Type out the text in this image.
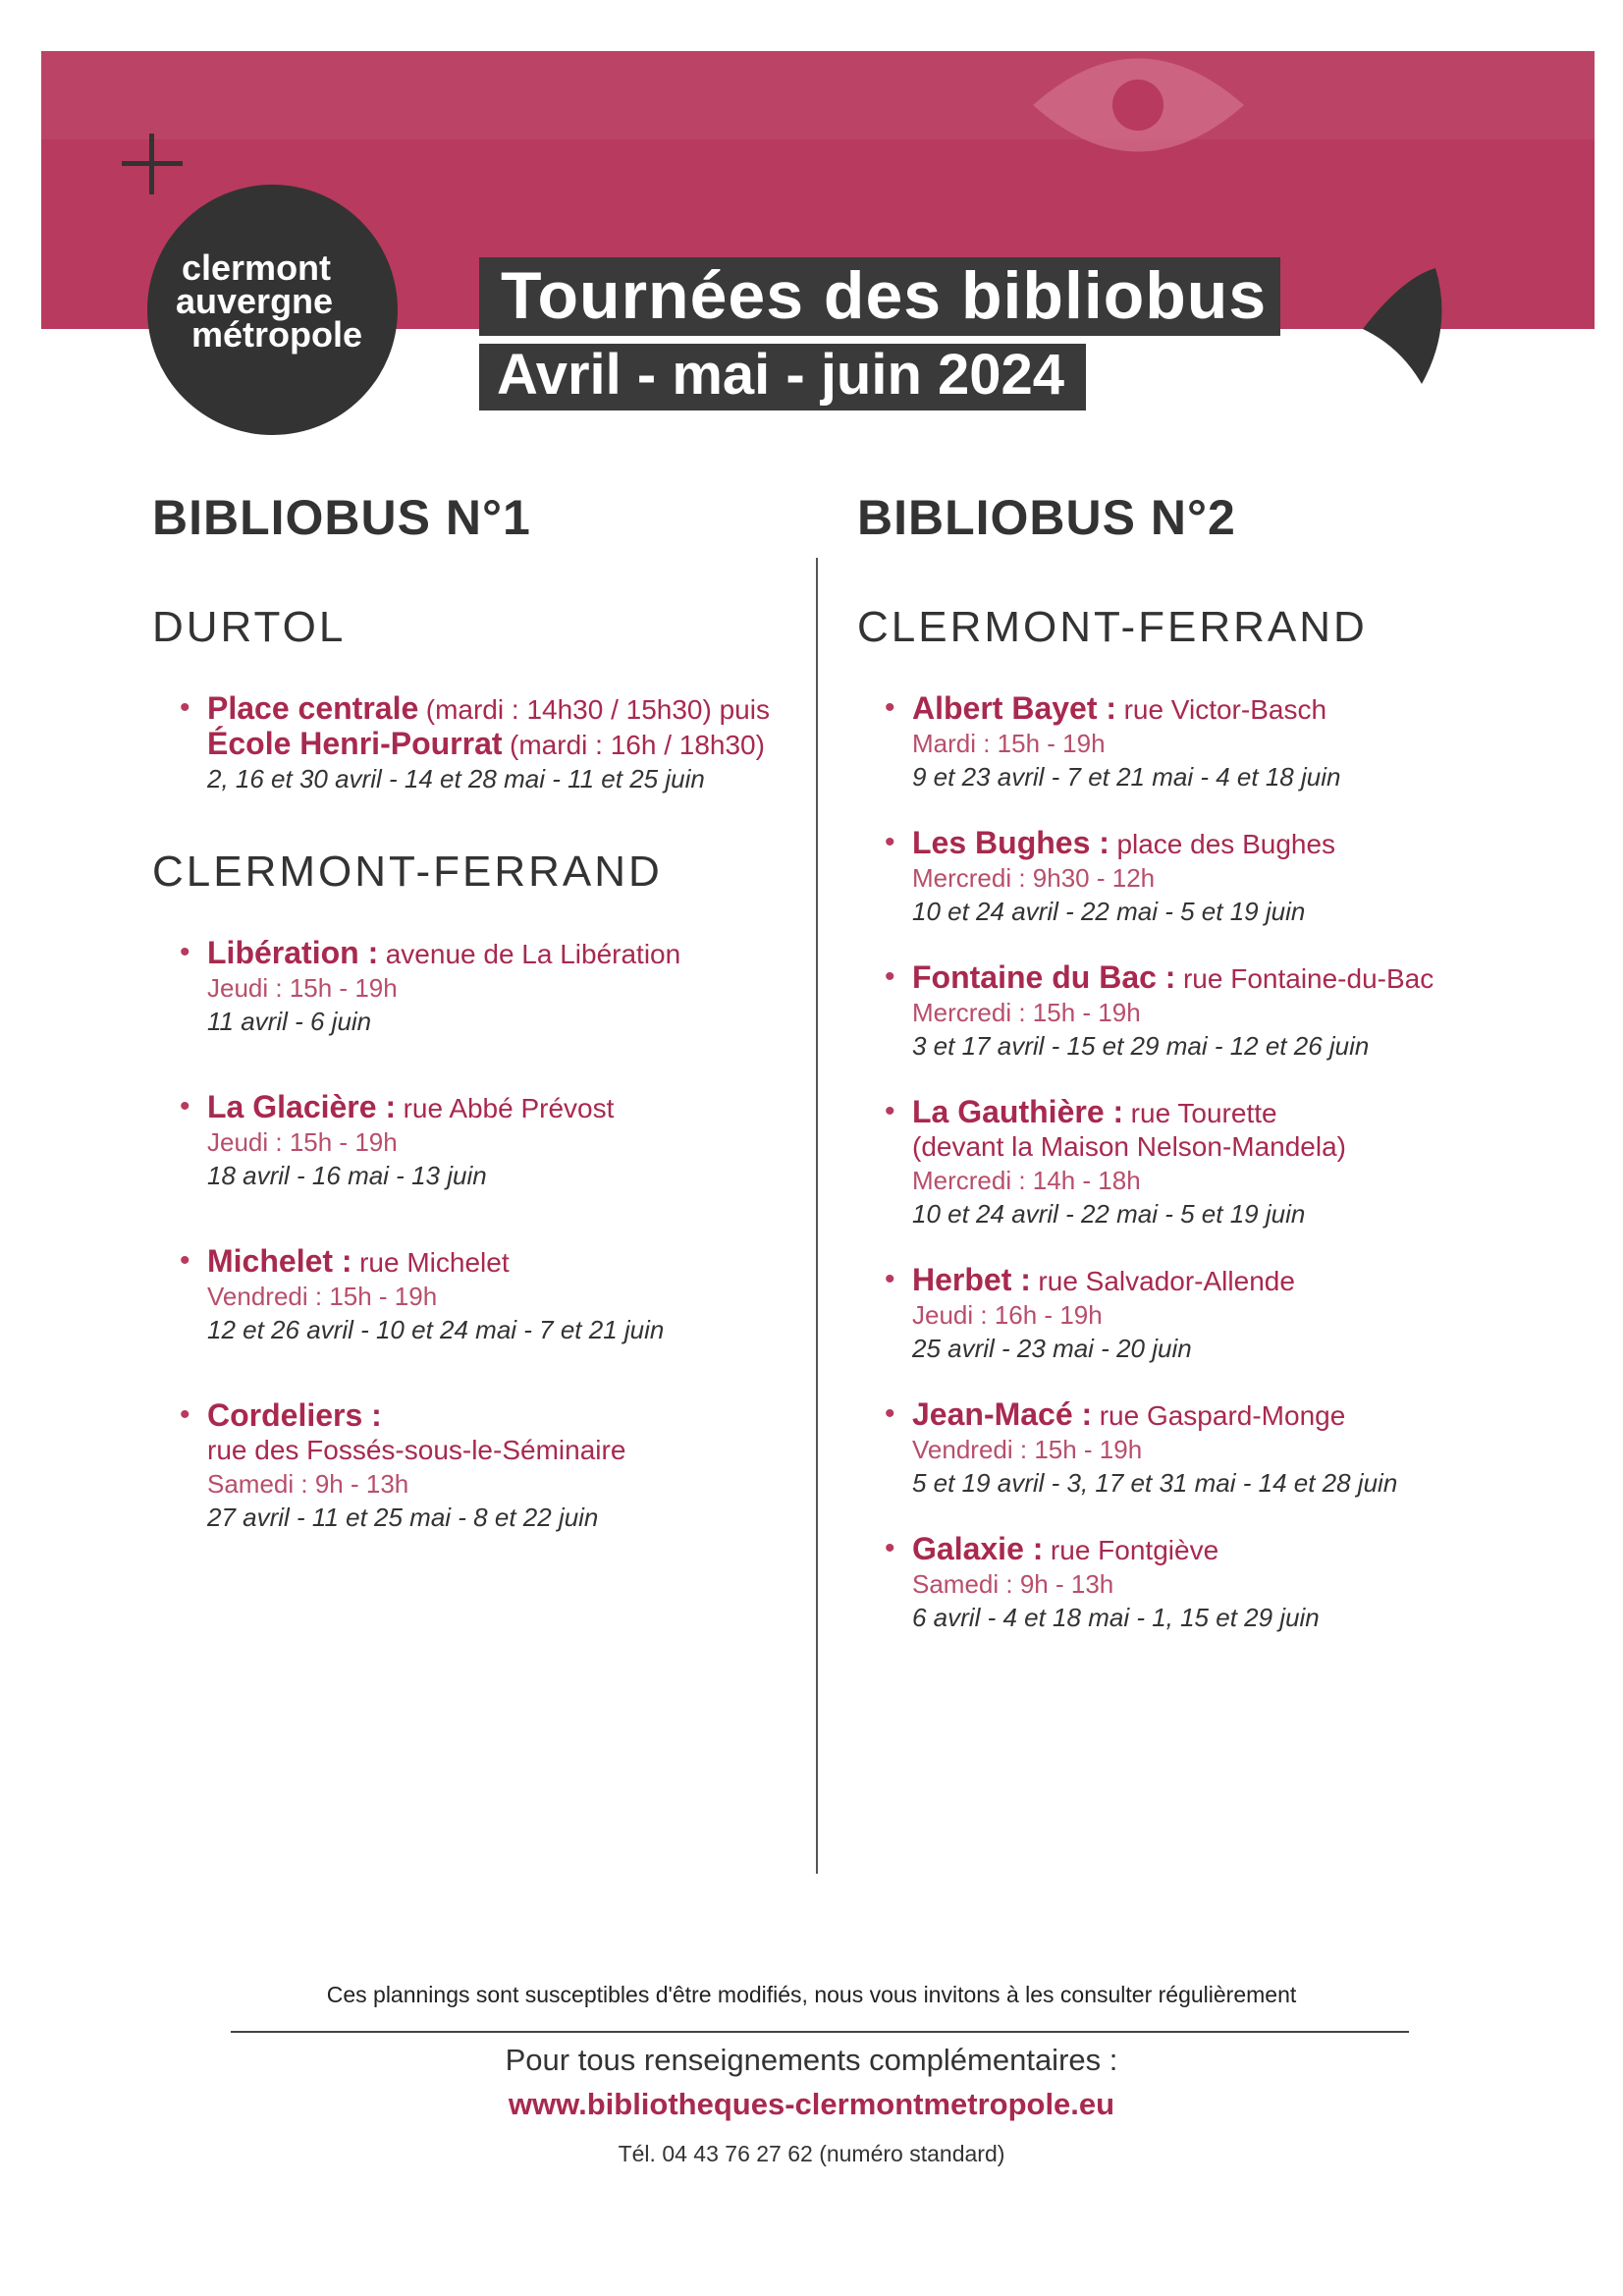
clermont
auvergne
métropole
Tournées des bibliobus
Avril - mai - juin 2024
BIBLIOBUS N°1
DURTOL
• Place centrale (mardi : 14h30 / 15h30) puis
École Henri-Pourrat (mardi : 16h / 18h30)
2, 16 et 30 avril - 14 et 28 mai - 11 et 25 juin
CLERMONT-FERRAND
• Libération : avenue de La Libération
Jeudi : 15h - 19h
11 avril - 6 juin
• La Glacière : rue Abbé Prévost
Jeudi : 15h - 19h
18 avril - 16 mai - 13 juin
• Michelet : rue Michelet
Vendredi : 15h - 19h
12 et 26 avril - 10 et 24 mai - 7 et 21 juin
• Cordeliers :
rue des Fossés-sous-le-Séminaire
Samedi : 9h - 13h
27 avril - 11 et 25 mai - 8 et 22 juin
BIBLIOBUS N°2
CLERMONT-FERRAND
• Albert Bayet : rue Victor-Basch
Mardi : 15h - 19h
9 et 23 avril - 7 et 21 mai - 4 et 18 juin
• Les Bughes : place des Bughes
Mercredi : 9h30 - 12h
10 et 24 avril - 22 mai - 5 et 19 juin
• Fontaine du Bac : rue Fontaine-du-Bac
Mercredi : 15h - 19h
3 et 17 avril - 15 et 29 mai - 12 et 26 juin
• La Gauthière : rue Tourette
(devant la Maison Nelson-Mandela)
Mercredi : 14h - 18h
10 et 24 avril - 22 mai - 5 et 19 juin
• Herbet : rue Salvador-Allende
Jeudi : 16h - 19h
25 avril - 23 mai - 20 juin
• Jean-Macé : rue Gaspard-Monge
Vendredi : 15h - 19h
5 et 19 avril - 3, 17 et 31 mai - 14 et 28 juin
• Galaxie : rue Fontgiève
Samedi : 9h - 13h
6 avril - 4 et 18 mai - 1, 15 et 29 juin
Ces plannings sont susceptibles d'être modifiés, nous vous invitons à les consulter régulièrement
Pour tous renseignements complémentaires :
www.bibliotheques-clermontmetropole.eu
Tél. 04 43 76 27 62 (numéro standard)
